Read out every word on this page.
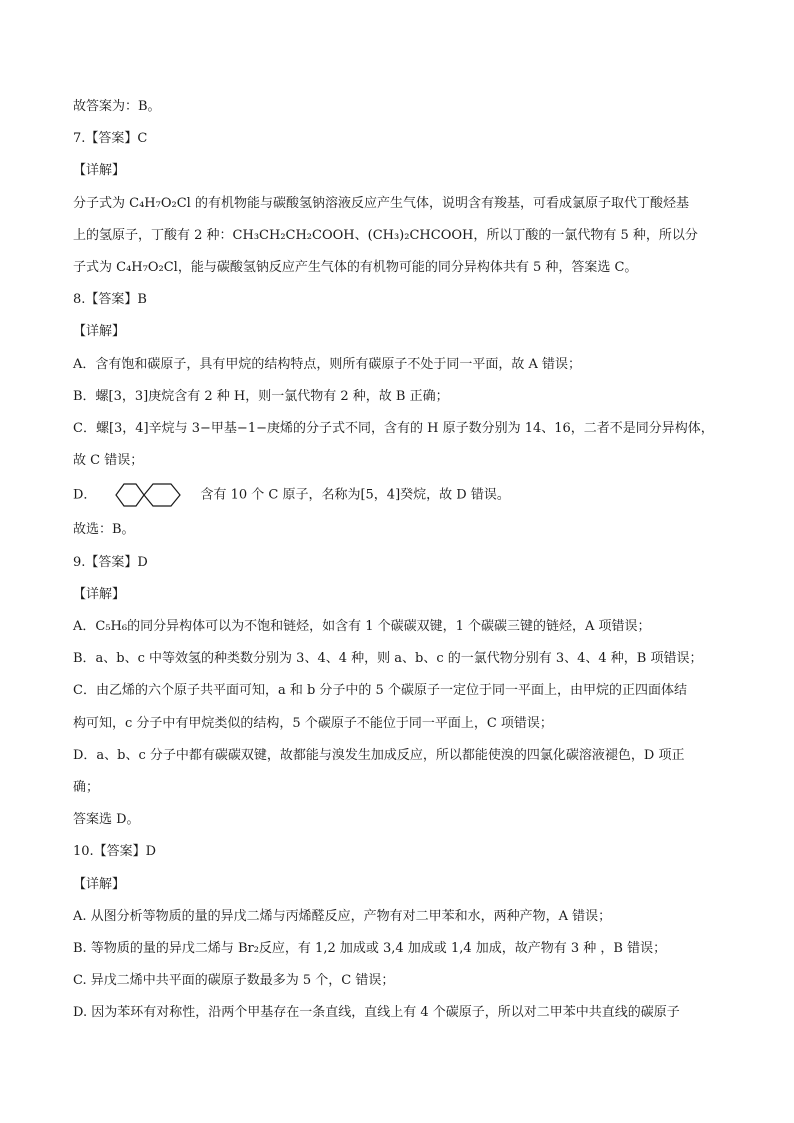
故答案为：B。
7.【答案】C
【详解】
分子式为 C₄H₇O₂Cl 的有机物能与碳酸氢钠溶液反应产生气体，说明含有羧基，可看成氯原子取代丁酸烃基
上的氢原子，丁酸有 2 种：CH₃CH₂CH₂COOH、(CH₃)₂CHCOOH，所以丁酸的一氯代物有 5 种，所以分
子式为 C₄H₇O₂Cl，能与碳酸氢钠反应产生气体的有机物可能的同分异构体共有 5 种，答案选 C。
8.【答案】B
【详解】
A．含有饱和碳原子，具有甲烷的结构特点，则所有碳原子不处于同一平面，故 A 错误；
B．螺[3，3]庚烷含有 2 种 H，则一氯代物有 2 种，故 B 正确；
C．螺[3，4]辛烷与 3−甲基−1−庚烯的分子式不同，含有的 H 原子数分别为 14、16，二者不是同分异构体，
故 C 错误；
D．	含有 10 个 C 原子，名称为[5，4]癸烷，故 D 错误。
故选：B。
9.【答案】D
【详解】
A．C₅H₆的同分异构体可以为不饱和链烃，如含有 1 个碳碳双键，1 个碳碳三键的链烃，A 项错误；
B．a、b、c 中等效氢的种类数分别为 3、4、4 种，则 a、b、c 的一氯代物分别有 3、4、4 种，B 项错误；
C．由乙烯的六个原子共平面可知，a 和 b 分子中的 5 个碳原子一定位于同一平面上，由甲烷的正四面体结
构可知，c 分子中有甲烷类似的结构，5 个碳原子不能位于同一平面上，C 项错误；
D．a、b、c 分子中都有碳碳双键，故都能与溴发生加成反应，所以都能使溴的四氯化碳溶液褪色，D 项正
确；
答案选 D。
10.【答案】D
【详解】
A. 从图分析等物质的量的异戊二烯与丙烯醛反应，产物有对二甲苯和水，两种产物，A 错误；
B. 等物质的量的异戊二烯与 Br₂反应，有 1,2 加成或 3,4 加成或 1,4 加成，故产物有 3 种 ，B 错误；
C. 异戊二烯中共平面的碳原子数最多为 5 个，C 错误；
D. 因为苯环有对称性，沿两个甲基存在一条直线，直线上有 4 个碳原子，所以对二甲苯中共直线的碳原子
